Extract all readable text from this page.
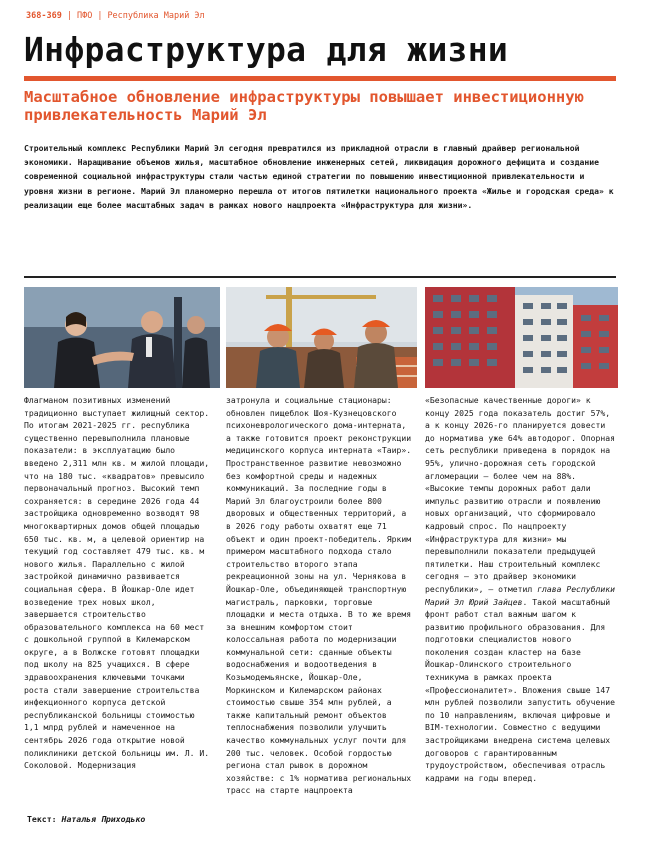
368-369 | ПФО | Республика Марий Эл
Инфраструктура для жизни
Масштабное обновление инфраструктуры повышает инвестиционную привлекательность Марий Эл

Строительный комплекс Республики Марий Эл сегодня превратился из прикладной отрасли в главный драйвер региональной экономики. Наращивание объемов жилья, масштабное обновление инженерных сетей, ликвидация дорожного дефицита и создание современной социальной инфраструктуры стали частью единой стратегии по повышению инвестиционной привлекательности и уровня жизни в регионе. Марий Эл планомерно перешла от итогов пятилетки национального проекта «Жилье и городская среда» к реализации еще более масштабных задач в рамках нового нацпроекта «Инфраструктура для жизни».

Флагманом позитивных изменений традиционно выступает жилищный сектор. По итогам 2021-2025 гг. республика существенно перевыполнила плановые показатели: в эксплуатацию было введено 2,311 млн кв. м жилой площади, что на 180 тыс. «квадратов» превысило первоначальный прогноз. Высокий темп сохраняется: в середине 2026 года 44 застройщика одновременно возводят 98 многоквартирных домов общей площадью 650 тыс. кв. м, а целевой ориентир на текущий год составляет 479 тыс. кв. м нового жилья. Параллельно с жилой застройкой динамично развивается социальная сфера. В Йошкар-Оле идет возведение трех новых школ, завершается строительство образовательного комплекса на 60 мест с дошкольной группой в Килемарском округе, а в Волжске готовят площадки под школу на 825 учащихся. В сфере здравоохранения ключевыми точками роста стали завершение строительства инфекционного корпуса детской республиканской больницы стоимостью 1,1 млрд рублей и намеченное на сентябрь 2026 года открытие новой поликлиники детской больницы им. Л. И. Соколовой. Модернизация

затронула и социальные стационары: обновлен пищеблок Шоя-Кузнецовского психоневрологического дома-интерната, а также готовится проект реконструкции медицинского корпуса интерната «Таир». Пространственное развитие невозможно без комфортной среды и надежных коммуникаций. За последние годы в Марий Эл благоустроили более 800 дворовых и общественных территорий, а в 2026 году работы охватят еще 71 объект и один проект-победитель. Ярким примером масштабного подхода стало строительство второго этапа рекреационной зоны на ул. Чернякова в Йошкар-Оле, объединяющей транспортную магистраль, парковки, торговые площадки и места отдыха. В то же время за внешним комфортом стоит колоссальная работа по модернизации коммунальной сети: сданные объекты водоснабжения и водоотведения в Козьмодемьянске, Йошкар-Оле, Моркинском и Килемарском районах стоимостью свыше 354 млн рублей, а также капитальный ремонт объектов теплоснабжения позволили улучшить качество коммунальных услуг почти для 200 тыс. человек. Особой гордостью региона стал рывок в дорожном хозяйстве: с 1% норматива региональных трасс на старте нацпроекта

«Безопасные качественные дороги» к концу 2025 года показатель достиг 57%, а к концу 2026-го планируется довести до норматива уже 64% автодорог. Опорная сеть республики приведена в порядок на 95%, улично-дорожная сеть городской агломерации — более чем на 88%. «Высокие темпы дорожных работ дали импульс развитию отрасли и появлению новых организаций, что сформировало кадровый спрос. По нацпроекту «Инфраструктура для жизни» мы перевыполнили показатели предыдущей пятилетки. Наш строительный комплекс сегодня — это драйвер экономики республики», — отметил глава Республики Марий Эл Юрий Зайцев. Такой масштабный фронт работ стал важным шагом к развитию профильного образования. Для подготовки специалистов нового поколения создан кластер на базе Йошкар-Олинского строительного техникума в рамках проекта «Профессионалитет». Вложения свыше 147 млн рублей позволили запустить обучение по 10 направлениям, включая цифровые и BIM-технологии. Совместно с ведущими застройщиками внедрена система целевых договоров с гарантированным трудоустройством, обеспечивая отрасль кадрами на годы вперед.

Текст: Наталья Приходько
